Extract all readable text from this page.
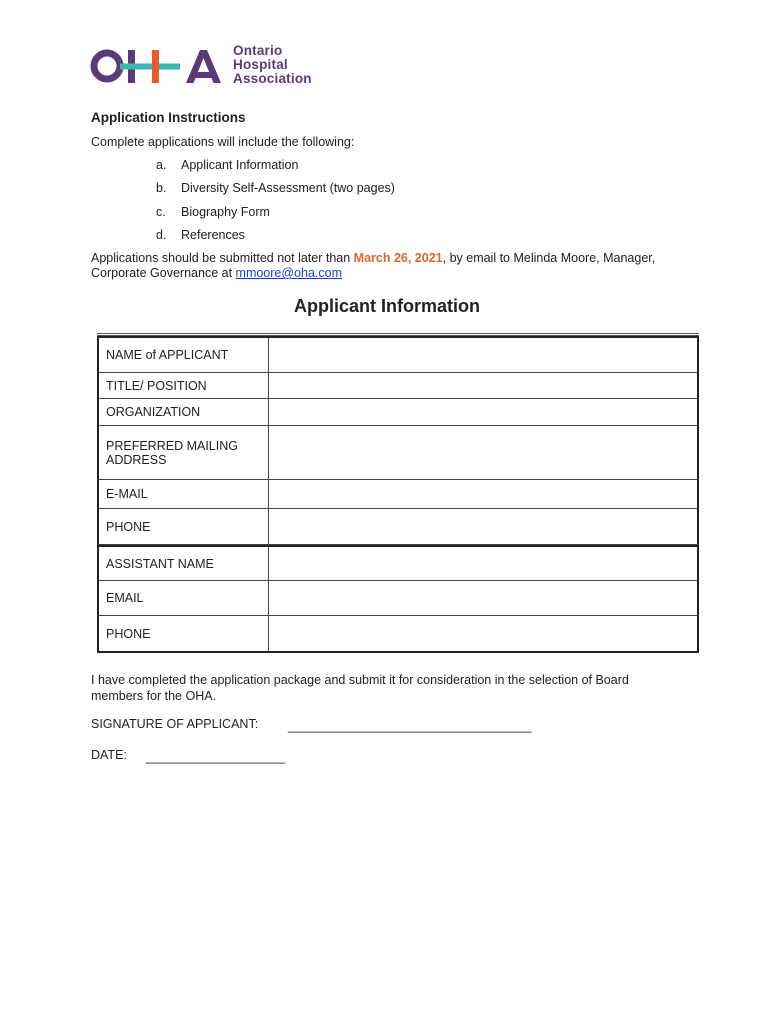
Ontario
Hospital
Association
Application Instructions
Complete applications will include the following:
a.	Applicant Information
b.	Diversity Self-Assessment (two pages)
c.	Biography Form
d.	References
Applications should be submitted not later than March 26, 2021, by email to Melinda Moore, Manager, Corporate Governance at mmoore@oha.com
Applicant Information
NAME of APPLICANT
TITLE/ POSITION
ORGANIZATION
PREFERRED MAILING ADDRESS
E-MAIL
PHONE
ASSISTANT NAME
EMAIL
PHONE
I have completed the application package and submit it for consideration in the selection of Board members for the OHA.
SIGNATURE OF APPLICANT: ___________________________________
DATE: ____________________
